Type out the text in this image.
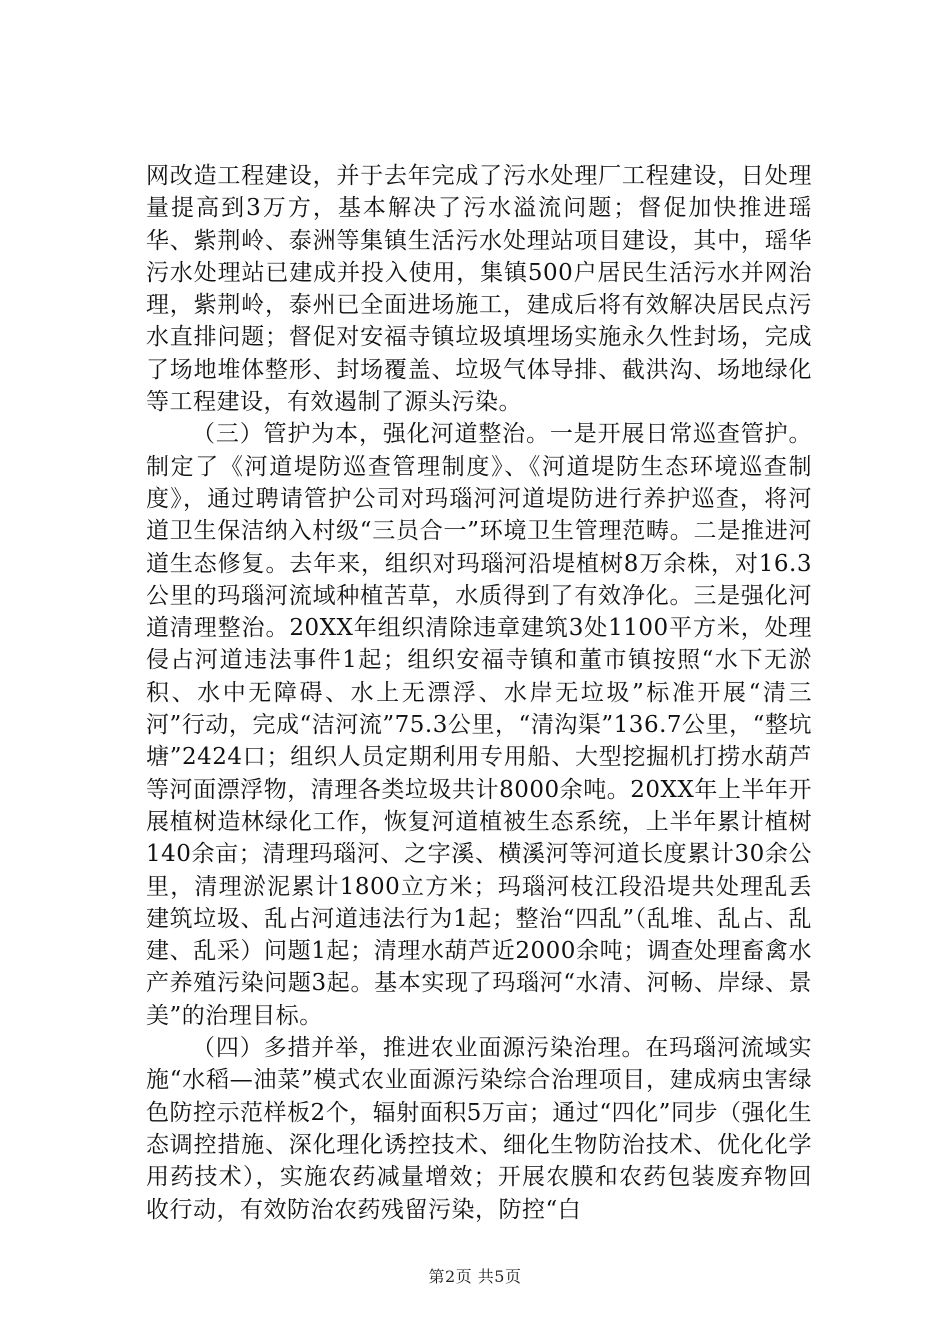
网改造工程建设，并于去年完成了污水处理厂工程建设，日处理量提高到3万方，基本解决了污水溢流问题；督促加快推进瑶华、紫荆岭、泰洲等集镇生活污水处理站项目建设，其中，瑶华污水处理站已建成并投入使用，集镇500户居民生活污水并网治理，紫荆岭，泰州已全面进场施工，建成后将有效解决居民点污水直排问题；督促对安福寺镇垃圾填埋场实施永久性封场，完成了场地堆体整形、封场覆盖、垃圾气体导排、截洪沟、场地绿化等工程建设，有效遏制了源头污染。

（三）管护为本，强化河道整治。一是开展日常巡查管护。制定了《河道堤防巡查管理制度》、《河道堤防生态环境巡查制度》，通过聘请管护公司对玛瑙河河道堤防进行养护巡查，将河道卫生保洁纳入村级“三员合一”环境卫生管理范畴。二是推进河道生态修复。去年来，组织对玛瑙河沿堤植树8万余株，对16.3公里的玛瑙河流域种植苦草，水质得到了有效净化。三是强化河道清理整治。20XX年组织清除违章建筑3处1100平方米，处理侵占河道违法事件1起；组织安福寺镇和董市镇按照“水下无淤积、水中无障碍、水上无漂浮、水岸无垃圾”标准开展“清三河”行动，完成“洁河流”75.3公里，“清沟渠”136.7公里，“整坑塘”2424口；组织人员定期利用专用船、大型挖掘机打捞水葫芦等河面漂浮物，清理各类垃圾共计8000余吨。20XX年上半年开展植树造林绿化工作，恢复河道植被生态系统，上半年累计植树140余亩；清理玛瑙河、之字溪、横溪河等河道长度累计30余公里，清理淤泥累计1800立方米；玛瑙河枝江段沿堤共处理乱丢建筑垃圾、乱占河道违法行为1起；整治“四乱”（乱堆、乱占、乱建、乱采）问题1起；清理水葫芦近2000余吨；调查处理畜禽水产养殖污染问题3起。基本实现了玛瑙河“水清、河畅、岸绿、景美”的治理目标。

（四）多措并举，推进农业面源污染治理。在玛瑙河流域实施“水稻—油菜”模式农业面源污染综合治理项目，建成病虫害绿色防控示范样板2个，辐射面积5万亩；通过“四化”同步（强化生态调控措施、深化理化诱控技术、细化生物防治技术、优化化学用药技术），实施农药减量增效；开展农膜和农药包装废弃物回收行动，有效防治农药残留污染，防控“白

第2页 共5页
